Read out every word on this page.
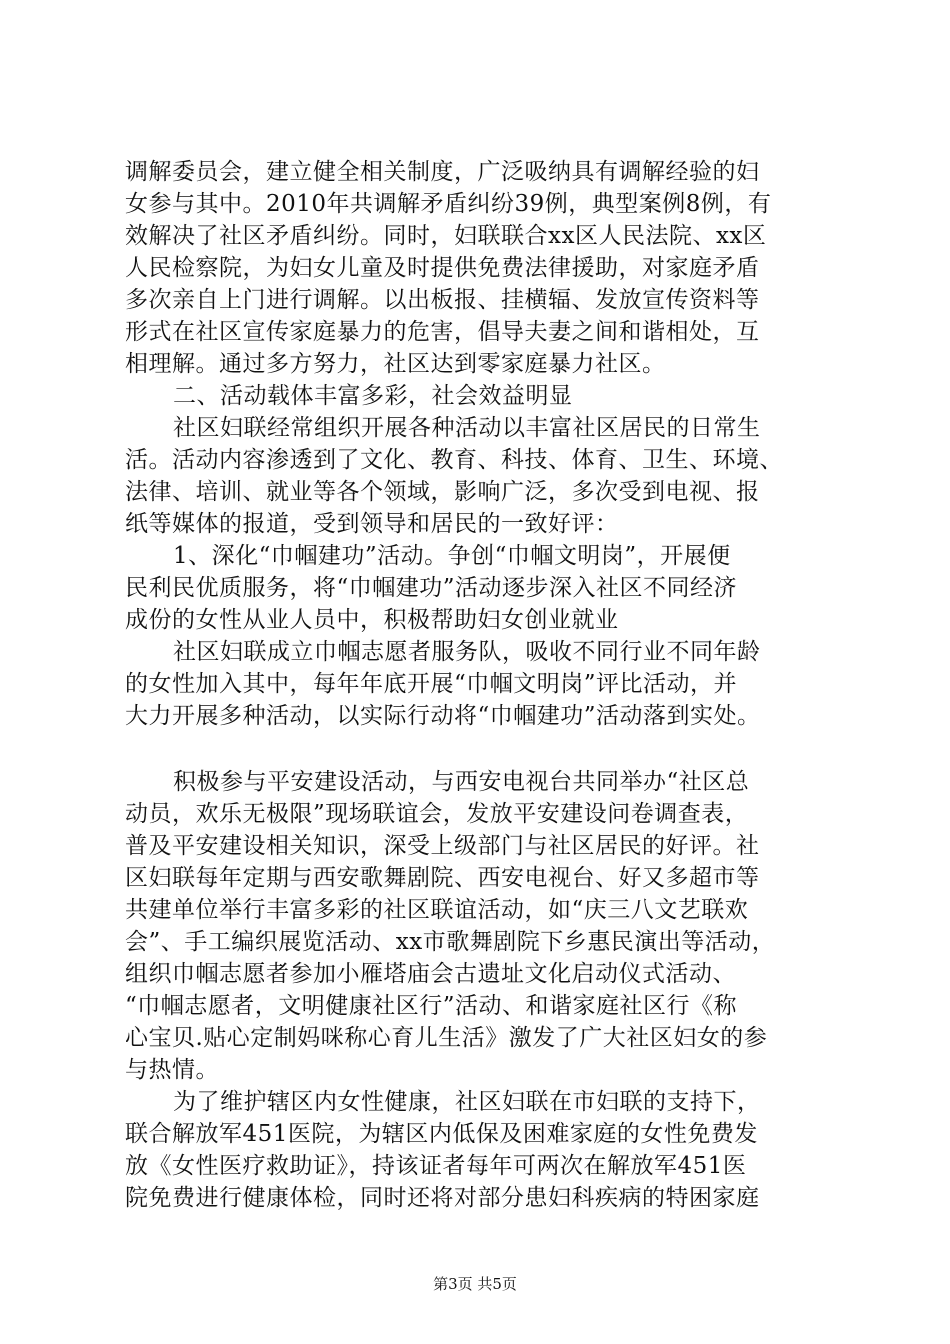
调解委员会，建立健全相关制度，广泛吸纳具有调解经验的妇
女参与其中。2010年共调解矛盾纠纷39例，典型案例8例，有
效解决了社区矛盾纠纷。同时，妇联联合xx区人民法院、xx区
人民检察院，为妇女儿童及时提供免费法律援助，对家庭矛盾
多次亲自上门进行调解。以出板报、挂横辐、发放宣传资料等
形式在社区宣传家庭暴力的危害，倡导夫妻之间和谐相处，互
相理解。通过多方努力，社区达到零家庭暴力社区。
二、活动载体丰富多彩，社会效益明显
社区妇联经常组织开展各种活动以丰富社区居民的日常生
活。活动内容渗透到了文化、教育、科技、体育、卫生、环境、
法律、培训、就业等各个领域，影响广泛，多次受到电视、报
纸等媒体的报道，受到领导和居民的一致好评：
1、深化“巾帼建功”活动。争创“巾帼文明岗”，开展便
民利民优质服务，将“巾帼建功”活动逐步深入社区不同经济
成份的女性从业人员中，积极帮助妇女创业就业
社区妇联成立巾帼志愿者服务队，吸收不同行业不同年龄
的女性加入其中，每年年底开展“巾帼文明岗”评比活动，并
大力开展多种活动，以实际行动将“巾帼建功”活动落到实处。
积极参与平安建设活动，与西安电视台共同举办“社区总
动员，欢乐无极限”现场联谊会，发放平安建设问卷调查表，
普及平安建设相关知识，深受上级部门与社区居民的好评。社
区妇联每年定期与西安歌舞剧院、西安电视台、好又多超市等
共建单位举行丰富多彩的社区联谊活动，如“庆三八文艺联欢
会”、手工编织展览活动、xx市歌舞剧院下乡惠民演出等活动，
组织巾帼志愿者参加小雁塔庙会古遗址文化启动仪式活动、
“巾帼志愿者，文明健康社区行”活动、和谐家庭社区行《称
心宝贝.贴心定制妈咪称心育儿生活》激发了广大社区妇女的参
与热情。
为了维护辖区内女性健康，社区妇联在市妇联的支持下，
联合解放军451医院，为辖区内低保及困难家庭的女性免费发
放《女性医疗救助证》，持该证者每年可两次在解放军451医
院免费进行健康体检，同时还将对部分患妇科疾病的特困家庭
第3页 共5页
